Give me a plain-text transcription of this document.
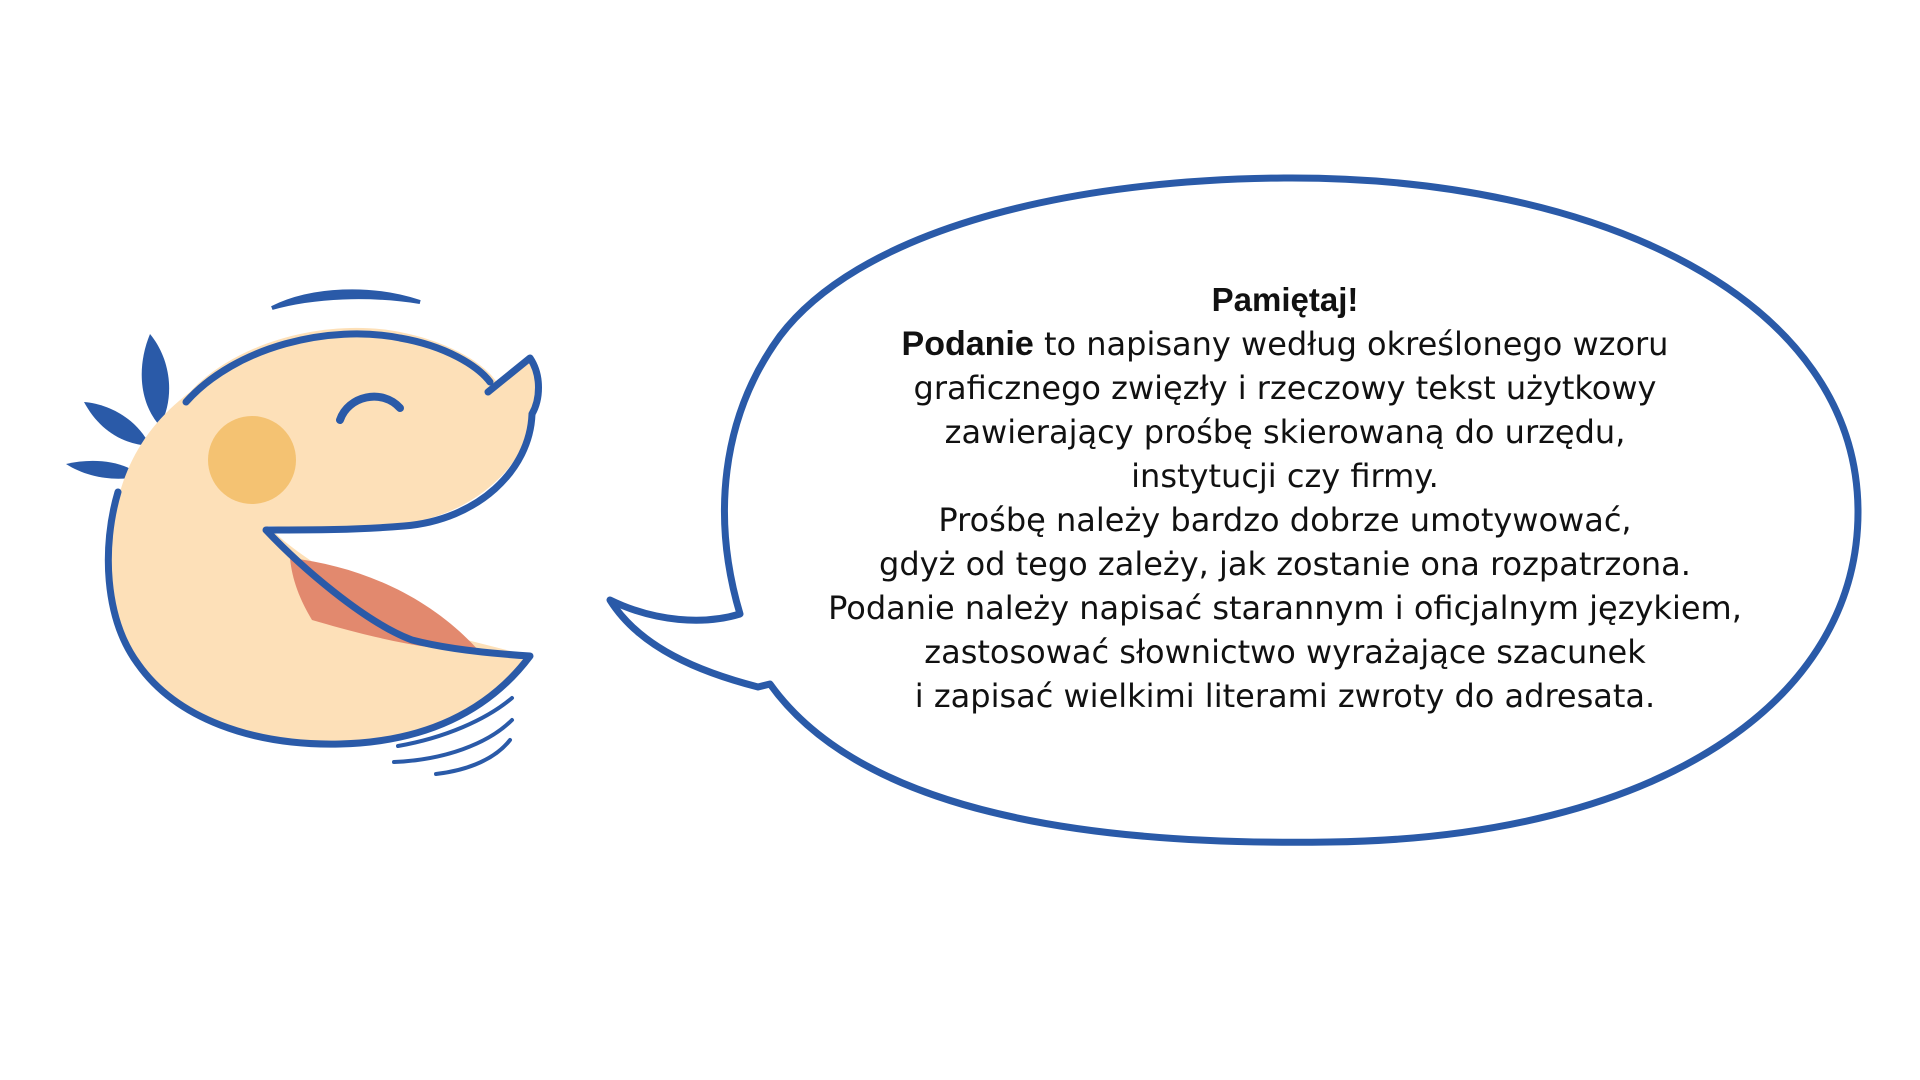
Pamiętaj!
Podanie to napisany według określonego wzoru
graficznego zwięzły i rzeczowy tekst użytkowy
zawierający prośbę skierowaną do urzędu,
instytucji czy firmy.
Prośbę należy bardzo dobrze umotywować,
gdyż od tego zależy, jak zostanie ona rozpatrzona.
Podanie należy napisać starannym i oficjalnym językiem,
zastosować słownictwo wyrażające szacunek
i zapisać wielkimi literami zwroty do adresata.
